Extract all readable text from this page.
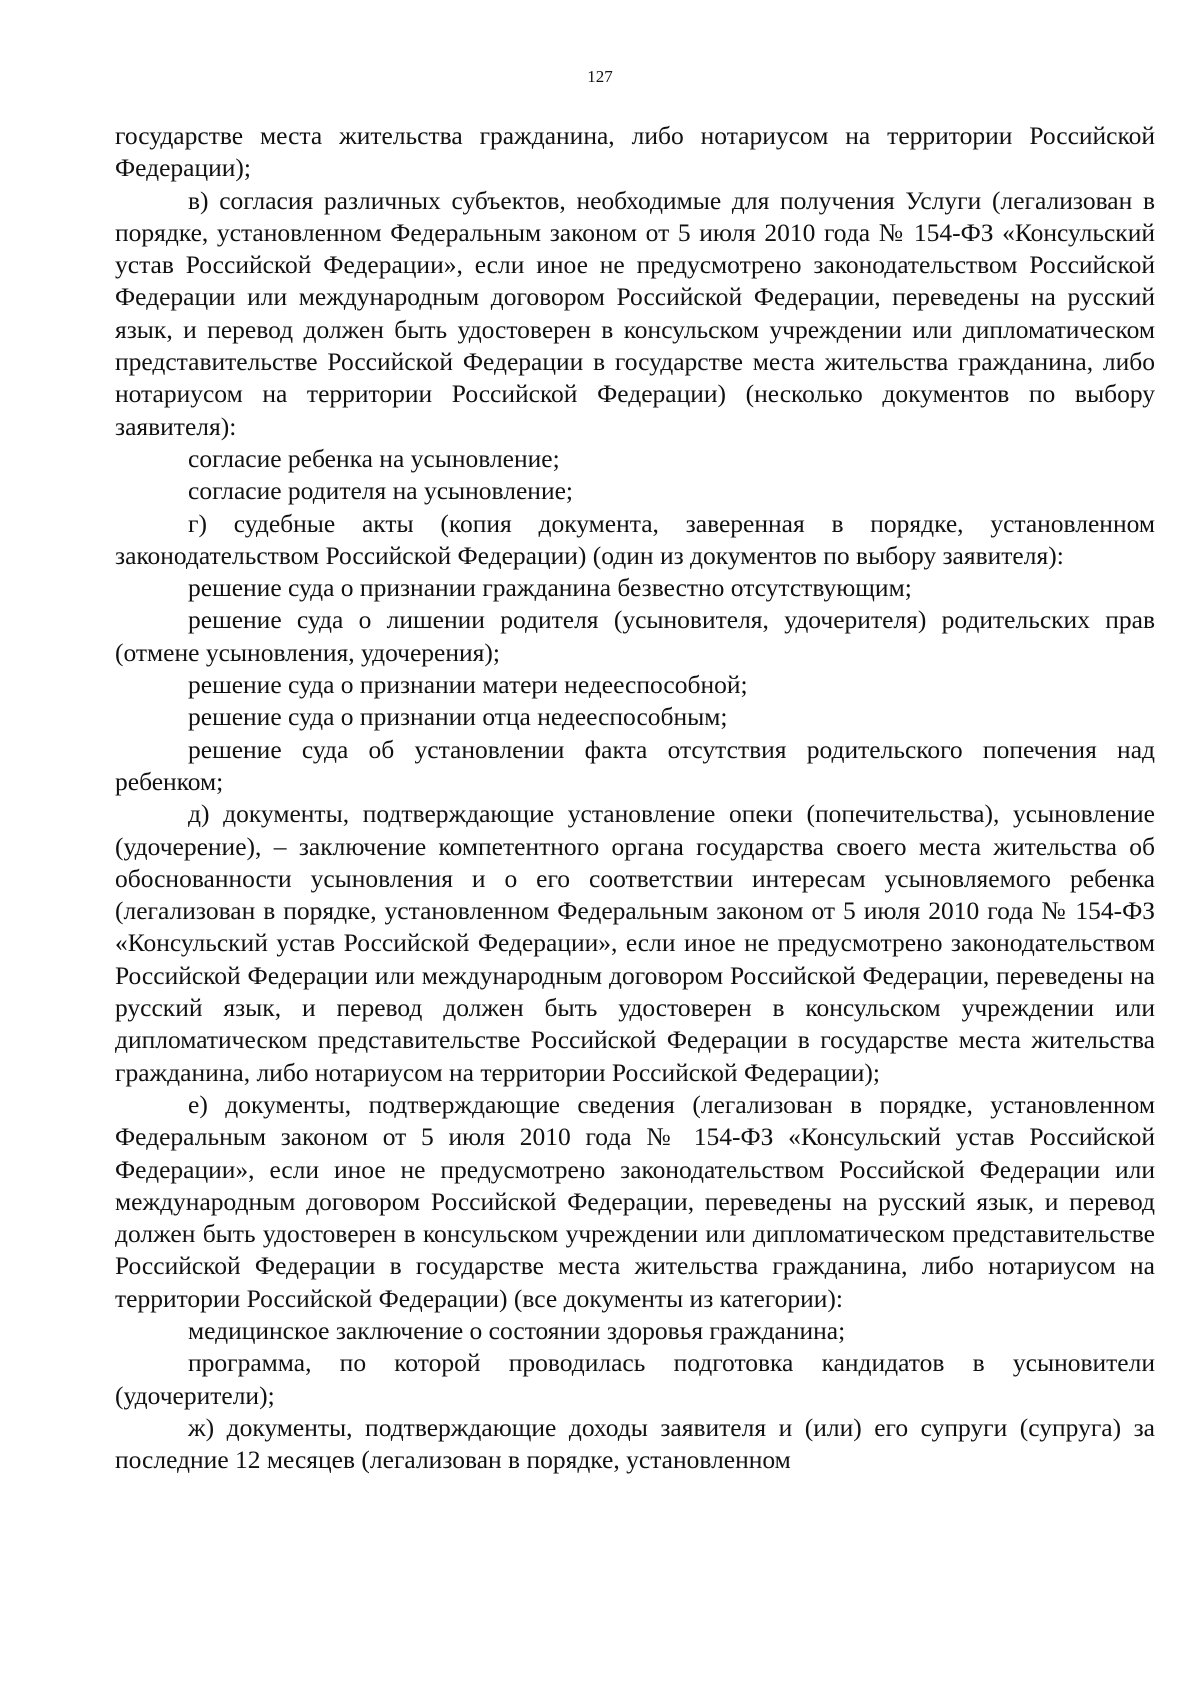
127

государстве места жительства гражданина, либо нотариусом на территории Российской Федерации);

в) согласия различных субъектов, необходимые для получения Услуги (легализован в порядке, установленном Федеральным законом от 5 июля 2010 года № 154-ФЗ «Консульский устав Российской Федерации», если иное не предусмотрено законодательством Российской Федерации или международным договором Российской Федерации, переведены на русский язык, и перевод должен быть удостоверен в консульском учреждении или дипломатическом представительстве Российской Федерации в государстве места жительства гражданина, либо нотариусом на территории Российской Федерации) (несколько документов по выбору заявителя):

согласие ребенка на усыновление;

согласие родителя на усыновление;

г) судебные акты (копия документа, заверенная в порядке, установленном законодательством Российской Федерации) (один из документов по выбору заявителя):

решение суда о признании гражданина безвестно отсутствующим;

решение суда о лишении родителя (усыновителя, удочерителя) родительских прав (отмене усыновления, удочерения);

решение суда о признании матери недееспособной;

решение суда о признании отца недееспособным;

решение суда об установлении факта отсутствия родительского попечения над ребенком;

д) документы, подтверждающие установление опеки (попечительства), усыновление (удочерение), – заключение компетентного органа государства своего места жительства об обоснованности усыновления и о его соответствии интересам усыновляемого ребенка (легализован в порядке, установленном Федеральным законом от 5 июля 2010 года № 154-ФЗ «Консульский устав Российской Федерации», если иное не предусмотрено законодательством Российской Федерации или международным договором Российской Федерации, переведены на русский язык, и перевод должен быть удостоверен в консульском учреждении или дипломатическом представительстве Российской Федерации в государстве места жительства гражданина, либо нотариусом на территории Российской Федерации);

е) документы, подтверждающие сведения (легализован в порядке, установленном Федеральным законом от 5 июля 2010 года № 154-ФЗ «Консульский устав Российской Федерации», если иное не предусмотрено законодательством Российской Федерации или международным договором Российской Федерации, переведены на русский язык, и перевод должен быть удостоверен в консульском учреждении или дипломатическом представительстве Российской Федерации в государстве места жительства гражданина, либо нотариусом на территории Российской Федерации) (все документы из категории):

медицинское заключение о состоянии здоровья гражданина;

программа, по которой проводилась подготовка кандидатов в усыновители (удочерители);

ж) документы, подтверждающие доходы заявителя и (или) его супруги (супруга) за последние 12 месяцев (легализован в порядке, установленном
